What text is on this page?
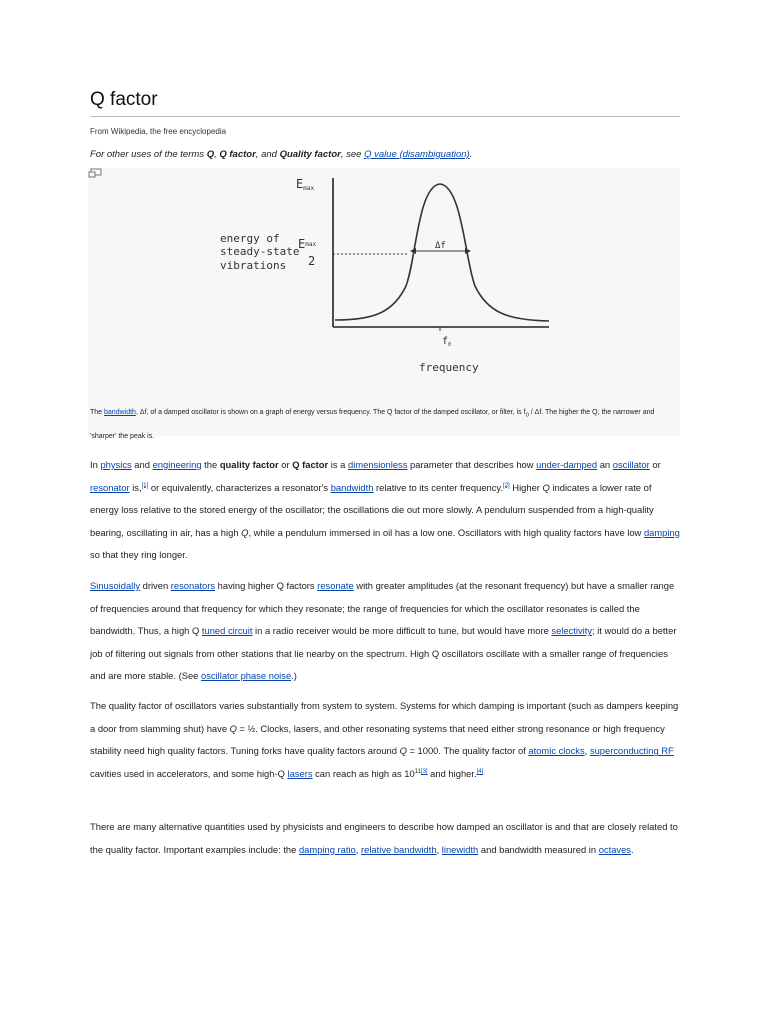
Q factor
From Wikipedia, the free encyclopedia
For other uses of the terms Q, Q factor, and Quality factor, see Q value (disambiguation).
Emax
energy of
steady-state
vibrations
Emax
2
Δf
$f_0$
frequency
The bandwidth, Δf, of a damped oscillator is shown on a graph of energy versus frequency. The Q factor of the damped oscillator, or filter, is $f_0$ / Δf. The higher the Q, the narrower and 'sharper' the peak is.

In physics and engineering the quality factor or Q factor is a dimensionless parameter that describes how under-damped an oscillator or resonator is,[1] or equivalently, characterizes a resonator's bandwidth relative to its center frequency.[2] Higher Q indicates a lower rate of energy loss relative to the stored energy of the oscillator; the oscillations die out more slowly. A pendulum suspended from a high-quality bearing, oscillating in air, has a high Q, while a pendulum immersed in oil has a low one. Oscillators with high quality factors have low damping so that they ring longer.

Sinusoidally driven resonators having higher Q factors resonate with greater amplitudes (at the resonant frequency) but have a smaller range of frequencies around that frequency for which they resonate; the range of frequencies for which the oscillator resonates is called the bandwidth. Thus, a high Q tuned circuit in a radio receiver would be more difficult to tune, but would have more selectivity; it would do a better job of filtering out signals from other stations that lie nearby on the spectrum. High Q oscillators oscillate with a smaller range of frequencies and are more stable. (See oscillator phase noise.)

The quality factor of oscillators varies substantially from system to system. Systems for which damping is important (such as dampers keeping a door from slamming shut) have Q = ½. Clocks, lasers, and other resonating systems that need either strong resonance or high frequency stability need high quality factors. Tuning forks have quality factors around Q = 1000. The quality factor of atomic clocks, superconducting RF cavities used in accelerators, and some high-Q lasers can reach as high as $10^{11[3]}$ and higher.[4]

There are many alternative quantities used by physicists and engineers to describe how damped an oscillator is and that are closely related to the quality factor. Important examples include: the damping ratio, relative bandwidth, linewidth and bandwidth measured in octaves.
